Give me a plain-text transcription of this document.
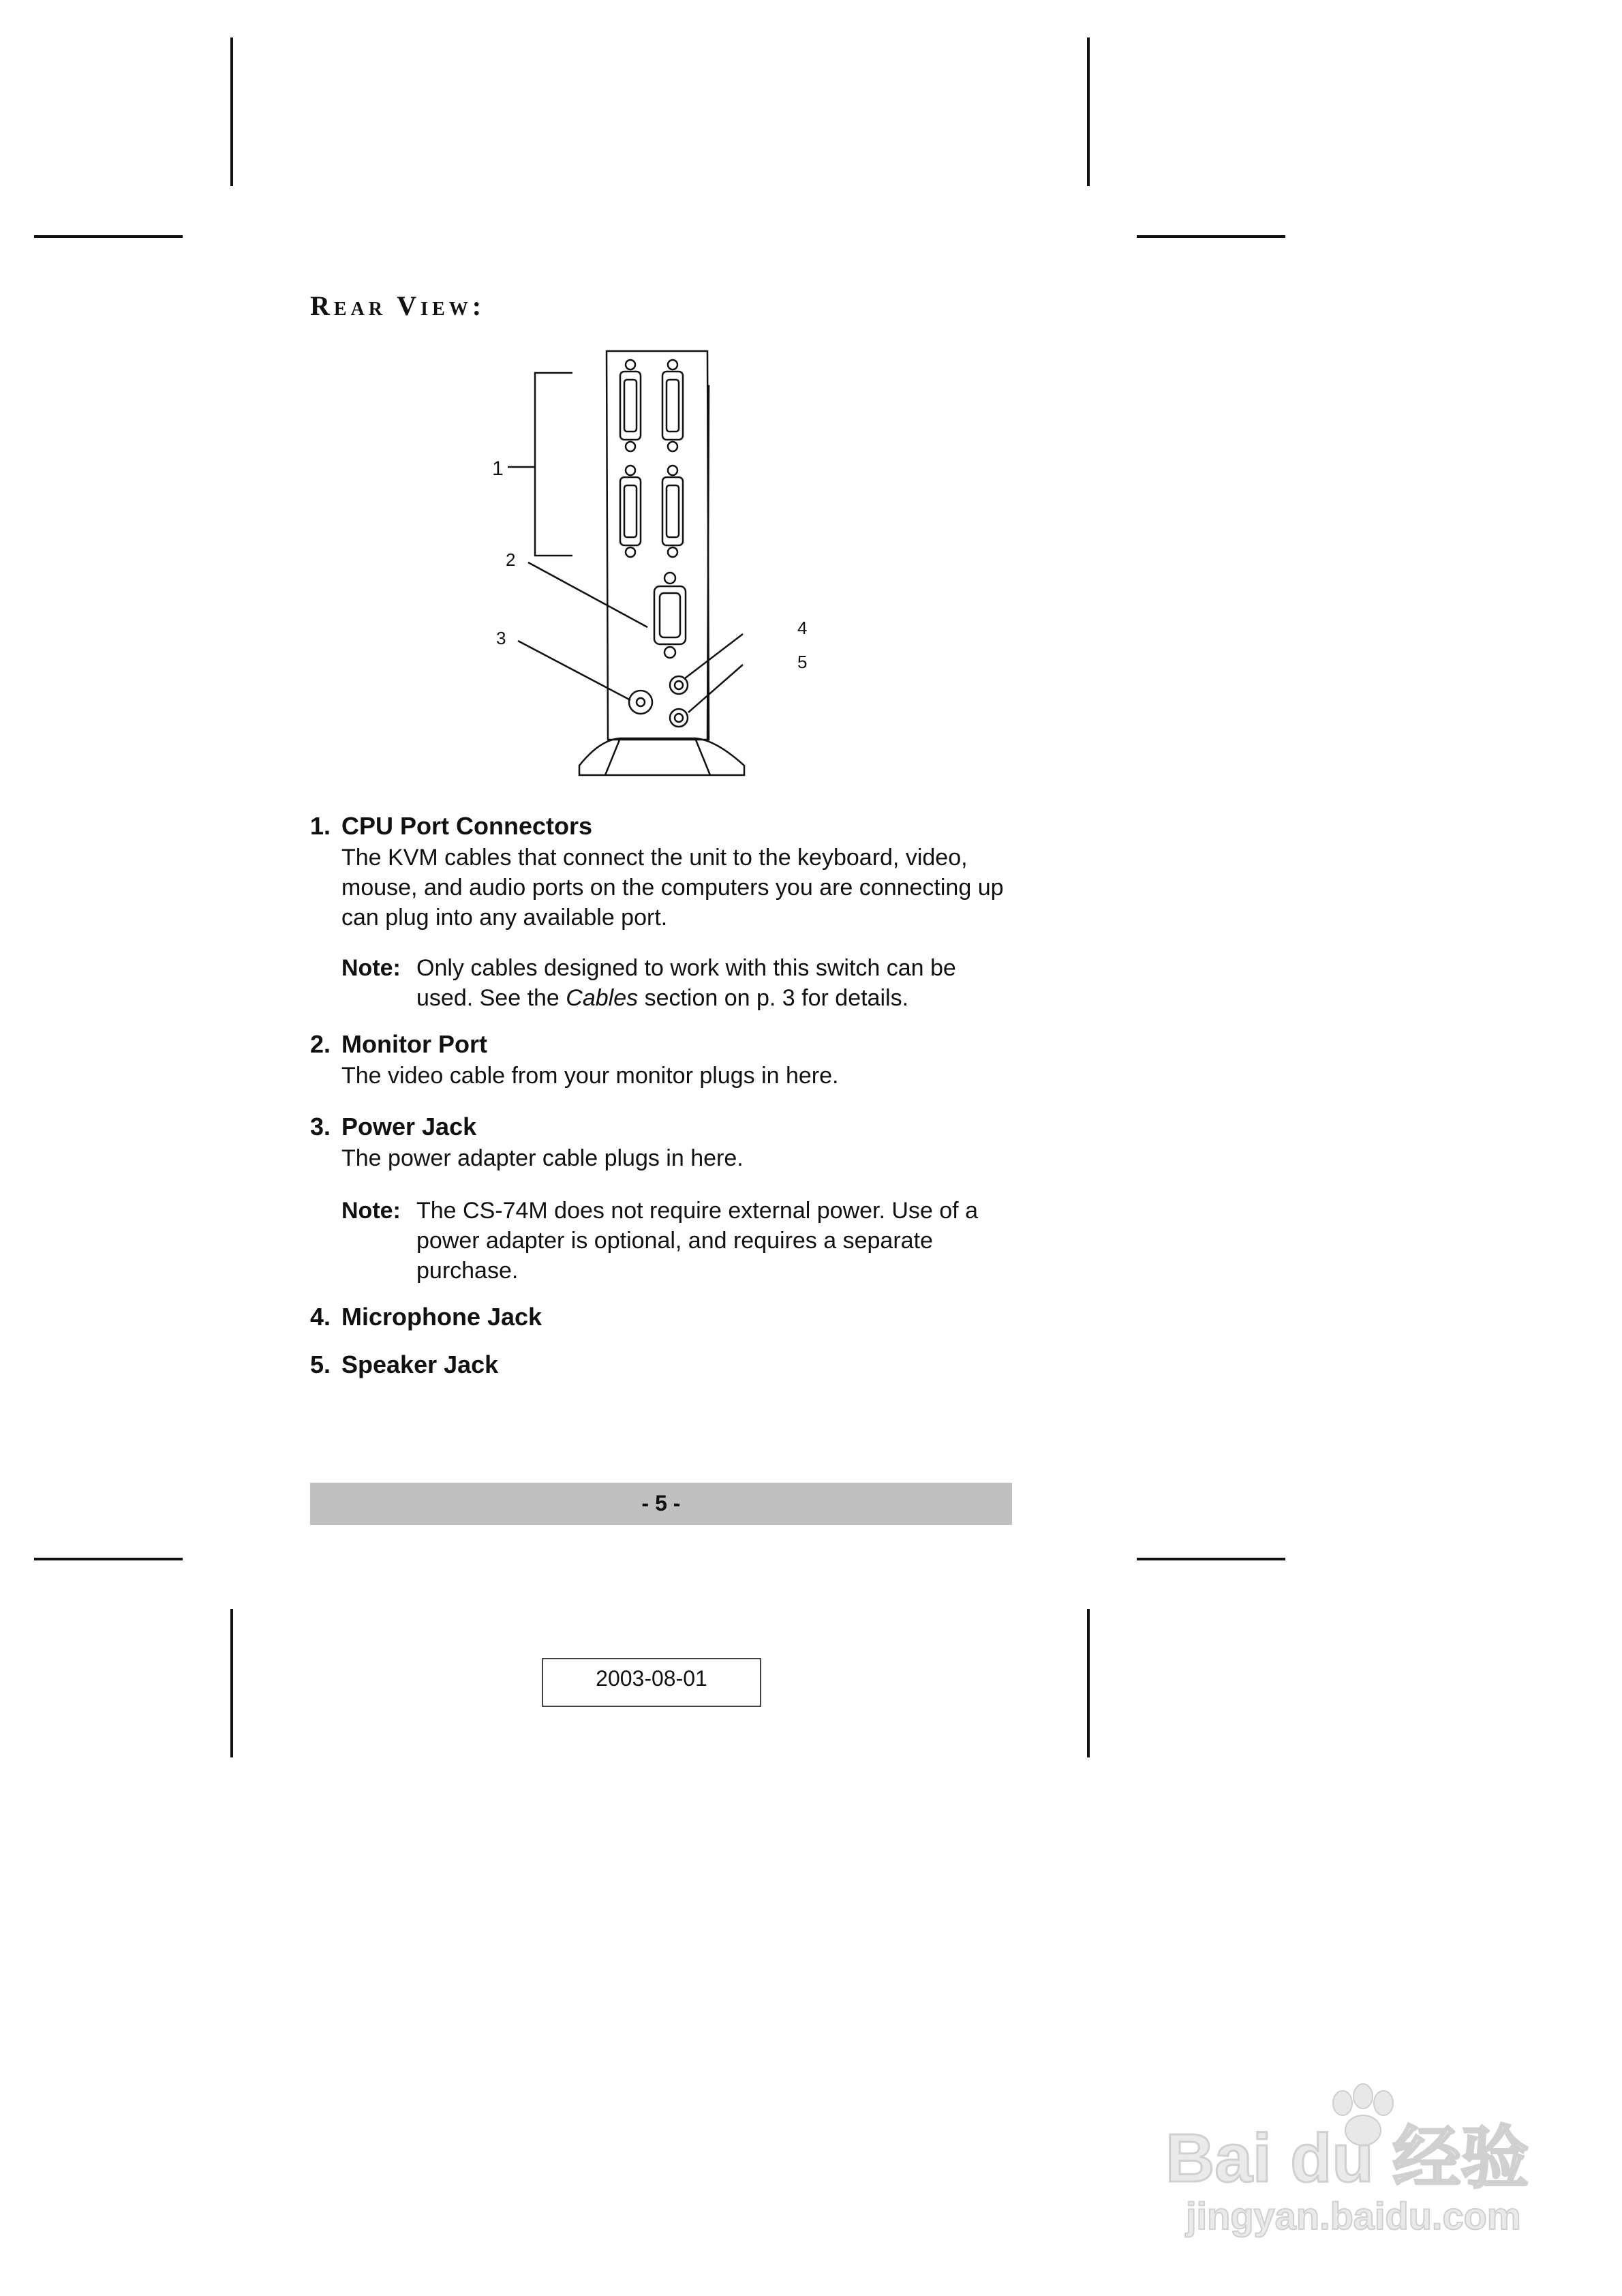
Rear View:
1
2
3	4
5
1. CPU Port Connectors
The KVM cables that connect the unit to the keyboard, video, mouse, and audio ports on the computers you are connecting up can plug into any available port.
Note: Only cables designed to work with this switch can be used. See the Cables section on p. 3 for details.
2. Monitor Port
The video cable from your monitor plugs in here.
3. Power Jack
The power adapter cable plugs in here.
Note: The CS-74M does not require external power. Use of a power adapter is optional, and requires a separate purchase.
4. Microphone Jack
5. Speaker Jack
- 5 -
2003-08-01
Bai du 经验
jingyan.baidu.com
